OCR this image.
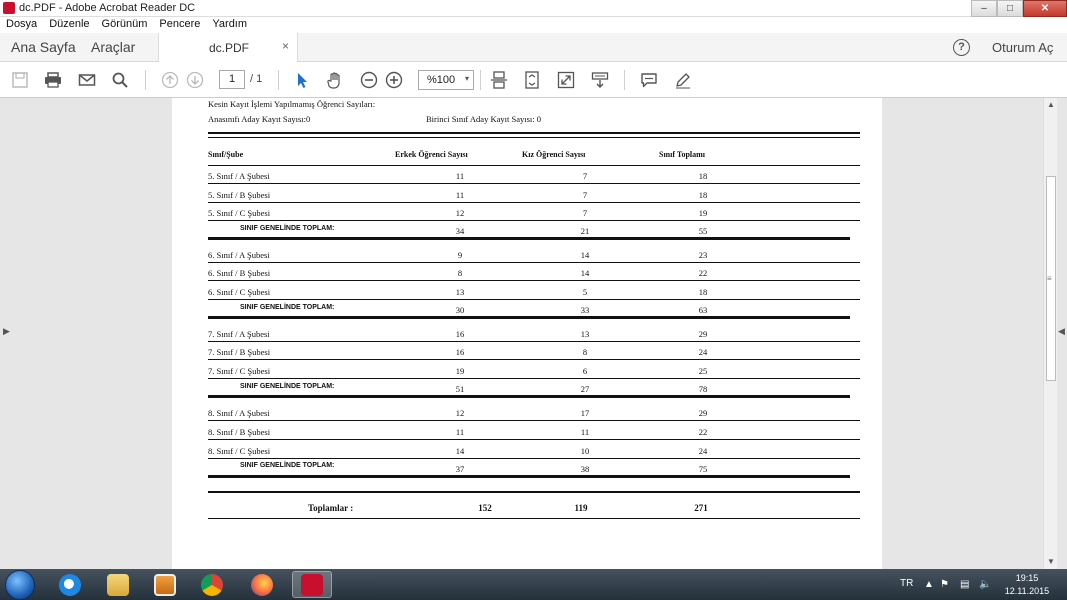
dc.PDF - Adobe Acrobat Reader DC	–	□	✕
Dosya	Düzenle	Görünüm	Pencere	Yardım
Ana Sayfa Araçlar	dc.PDF	×	?	Oturum Aç
1	/ 1	%100 ▾
▶	◀
Kesin Kayıt İşlemi Yapılmamış Öğrenci Sayıları:
Anasınıfı Aday Kayıt Sayısı:0	Birinci Sınıf Aday Kayıt Sayısı: 0
Sınıf/Şube	Erkek Öğrenci Sayısı	Kız Öğrenci Sayısı	Sınıf Toplamı
5. Sınıf / A Şubesi	11	7	18
5. Sınıf / B Şubesi	11	7	18
5. Sınıf / C Şubesi	12	7	19
SINIF GENELİNDE TOPLAM:	34	21	55
6. Sınıf / A Şubesi	9	14	23
6. Sınıf / B Şubesi	8	14	22
6. Sınıf / C Şubesi	13	5	18
SINIF GENELİNDE TOPLAM:	30	33	63
7. Sınıf / A Şubesi	16	13	29
7. Sınıf / B Şubesi	16	8	24
7. Sınıf / C Şubesi	19	6	25
SINIF GENELİNDE TOPLAM:	51	27	78
8. Sınıf / A Şubesi	12	17	29
8. Sınıf / B Şubesi	11	11	22
8. Sınıf / C Şubesi	14	10	24
SINIF GENELİNDE TOPLAM:	37	38	75
Toplamlar :	152	119	271
▲
≡
▼
TR ▲ ⚑ ▤ 🔈
19:15
12.11.2015
